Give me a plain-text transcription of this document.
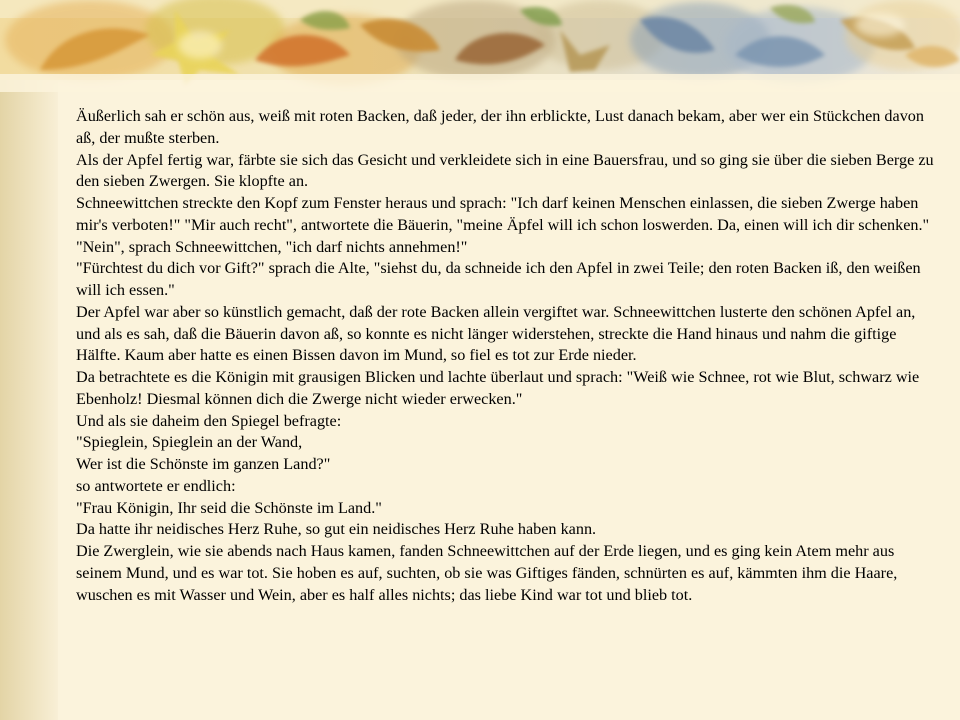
Äußerlich sah er schön aus, weiß mit roten Backen, daß jeder, der ihn erblickte, Lust danach bekam, aber wer ein Stückchen davon aß, der mußte sterben.

Als der Apfel fertig war, färbte sie sich das Gesicht und verkleidete sich in eine Bauersfrau, und so ging sie über die sieben Berge zu den sieben Zwergen. Sie klopfte an.

Schneewittchen streckte den Kopf zum Fenster heraus und sprach: "Ich darf keinen Menschen einlassen, die sieben Zwerge haben mir's verboten!" "Mir auch recht", antwortete die Bäuerin, "meine Äpfel will ich schon loswerden. Da, einen will ich dir schenken."

"Nein", sprach Schneewittchen, "ich darf nichts annehmen!"

"Fürchtest du dich vor Gift?" sprach die Alte, "siehst du, da schneide ich den Apfel in zwei Teile; den roten Backen iß, den weißen will ich essen."

Der Apfel war aber so künstlich gemacht, daß der rote Backen allein vergiftet war. Schneewittchen lusterte den schönen Apfel an, und als es sah, daß die Bäuerin davon aß, so konnte es nicht länger widerstehen, streckte die Hand hinaus und nahm die giftige Hälfte. Kaum aber hatte es einen Bissen davon im Mund, so fiel es tot zur Erde nieder.

Da betrachtete es die Königin mit grausigen Blicken und lachte überlaut und sprach: "Weiß wie Schnee, rot wie Blut, schwarz wie Ebenholz! Diesmal können dich die Zwerge nicht wieder erwecken."

Und als sie daheim den Spiegel befragte:

"Spieglein, Spieglein an der Wand,

Wer ist die Schönste im ganzen Land?"

so antwortete er endlich:

"Frau Königin, Ihr seid die Schönste im Land."

Da hatte ihr neidisches Herz Ruhe, so gut ein neidisches Herz Ruhe haben kann.

Die Zwerglein, wie sie abends nach Haus kamen, fanden Schneewittchen auf der Erde liegen, und es ging kein Atem mehr aus seinem Mund, und es war tot. Sie hoben es auf, suchten, ob sie was Giftiges fänden, schnürten es auf, kämmten ihm die Haare, wuschen es mit Wasser und Wein, aber es half alles nichts; das liebe Kind war tot und blieb tot.
